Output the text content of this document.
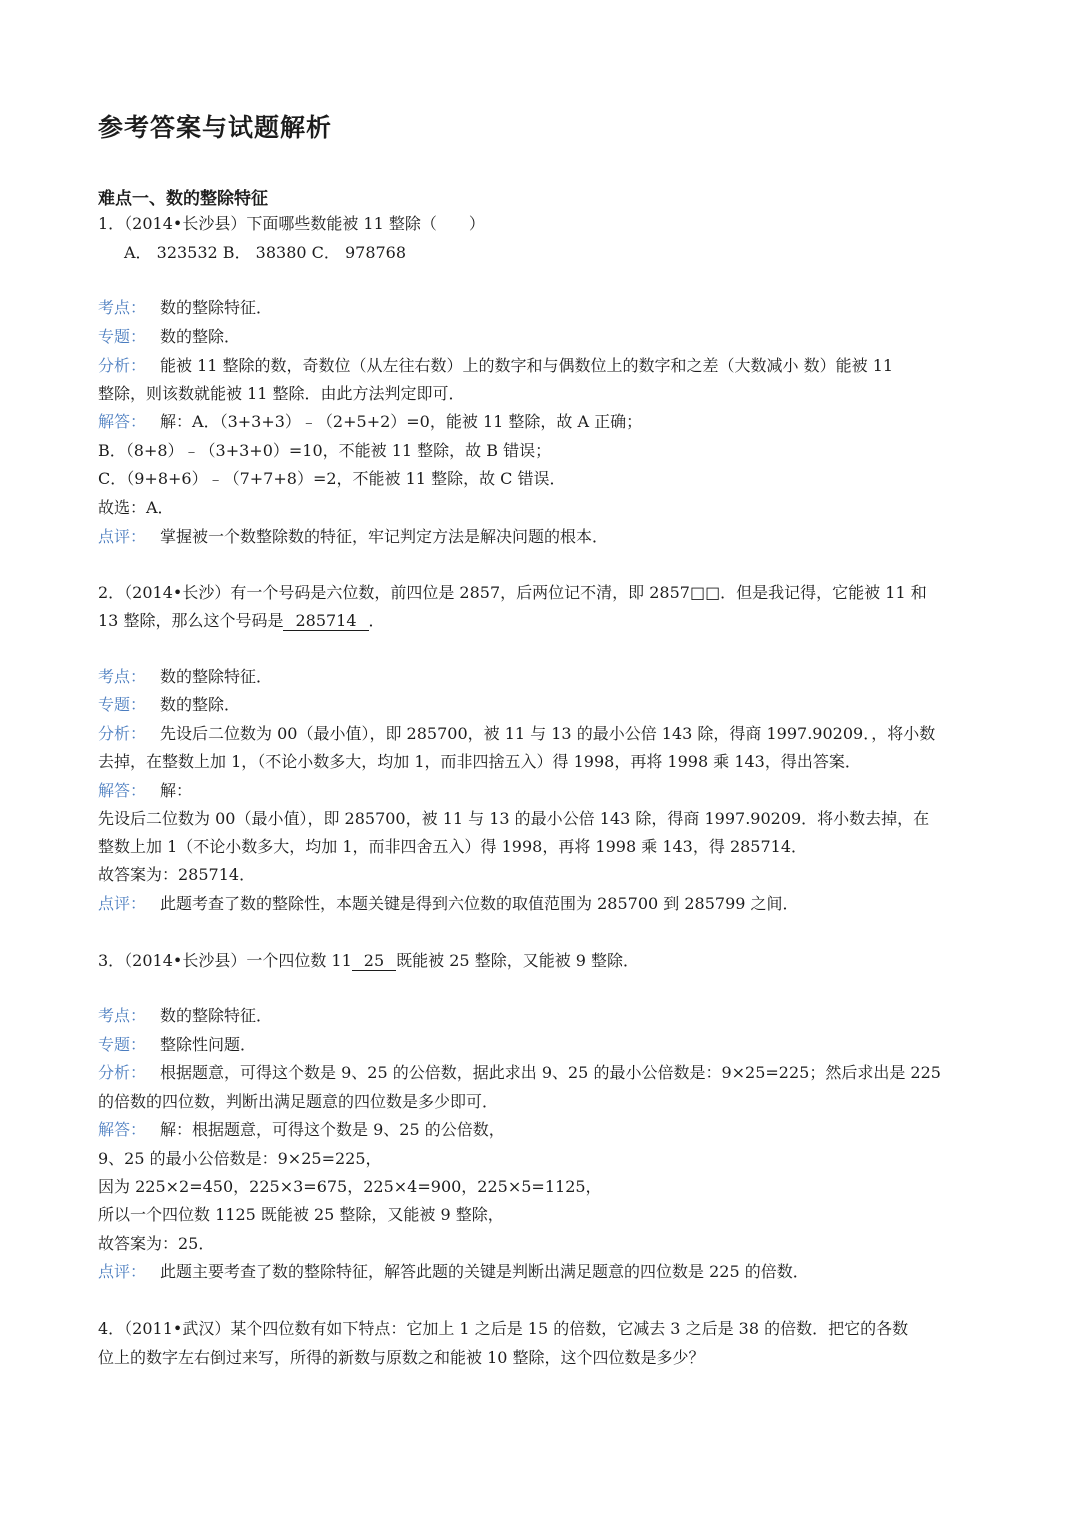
参考答案与试题解析
难点一、数的整除特征
1．（2014•长沙县）下面哪些数能被 11 整除（　　）
A． 323532 B． 38380 C． 978768
考点： 数的整除特征．
专题： 数的整除．
分析： 能被 11 整除的数，奇数位（从左往右数）上的数字和与偶数位上的数字和之差（大数减小 数）能被 11
整除，则该数就能被 11 整除．由此方法判定即可．
解答： 解：A．（3+3+3）﹣（2+5+2）=0，能被 11 整除，故 A 正确；
B．（8+8）﹣（3+3+0）=10，不能被 11 整除，故 B 错误；
C．（9+8+6）﹣（7+7+8）=2，不能被 11 整除，故 C 错误．
故选：A．
点评： 掌握被一个数整除数的特征，牢记判定方法是解决问题的根本．
2．（2014•长沙）有一个号码是六位数，前四位是 2857，后两位记不清，即 2857□□．但是我记得，它能被 11 和
13 整除，那么这个号码是 285714 ．
考点： 数的整除特征．
专题： 数的整除．
分析： 先设后二位数为 00（最小值），即 285700，被 11 与 13 的最小公倍 143 除，得商 1997.90209．，将小数
去掉，在整数上加 1，（不论小数多大，均加 1，而非四捨五入）得 1998，再将 1998 乘 143，得出答案．
解答： 解：
先设后二位数为 00（最小值），即 285700，被 11 与 13 的最小公倍 143 除，得商 1997.90209．将小数去掉，在
整数上加 1（不论小数多大，均加 1，而非四舍五入）得 1998，再将 1998 乘 143，得 285714．
故答案为：285714．
点评： 此题考查了数的整除性，本题关键是得到六位数的取值范围为 285700 到 285799 之间．
3．（2014•长沙县）一个四位数 11 25 既能被 25 整除，又能被 9 整除．
考点： 数的整除特征．
专题： 整除性问题．
分析： 根据题意，可得这个数是 9、25 的公倍数，据此求出 9、25 的最小公倍数是：9×25=225；然后求出是 225
的倍数的四位数，判断出满足题意的四位数是多少即可．
解答： 解：根据题意，可得这个数是 9、25 的公倍数，
9、25 的最小公倍数是：9×25=225，
因为 225×2=450，225×3=675，225×4=900，225×5=1125，
所以一个四位数 1125 既能被 25 整除，又能被 9 整除，
故答案为：25．
点评： 此题主要考查了数的整除特征，解答此题的关键是判断出满足题意的四位数是 225 的倍数．
4．（2011•武汉）某个四位数有如下特点：它加上 1 之后是 15 的倍数，它减去 3 之后是 38 的倍数．把它的各数
位上的数字左右倒过来写，所得的新数与原数之和能被 10 整除，这个四位数是多少？
